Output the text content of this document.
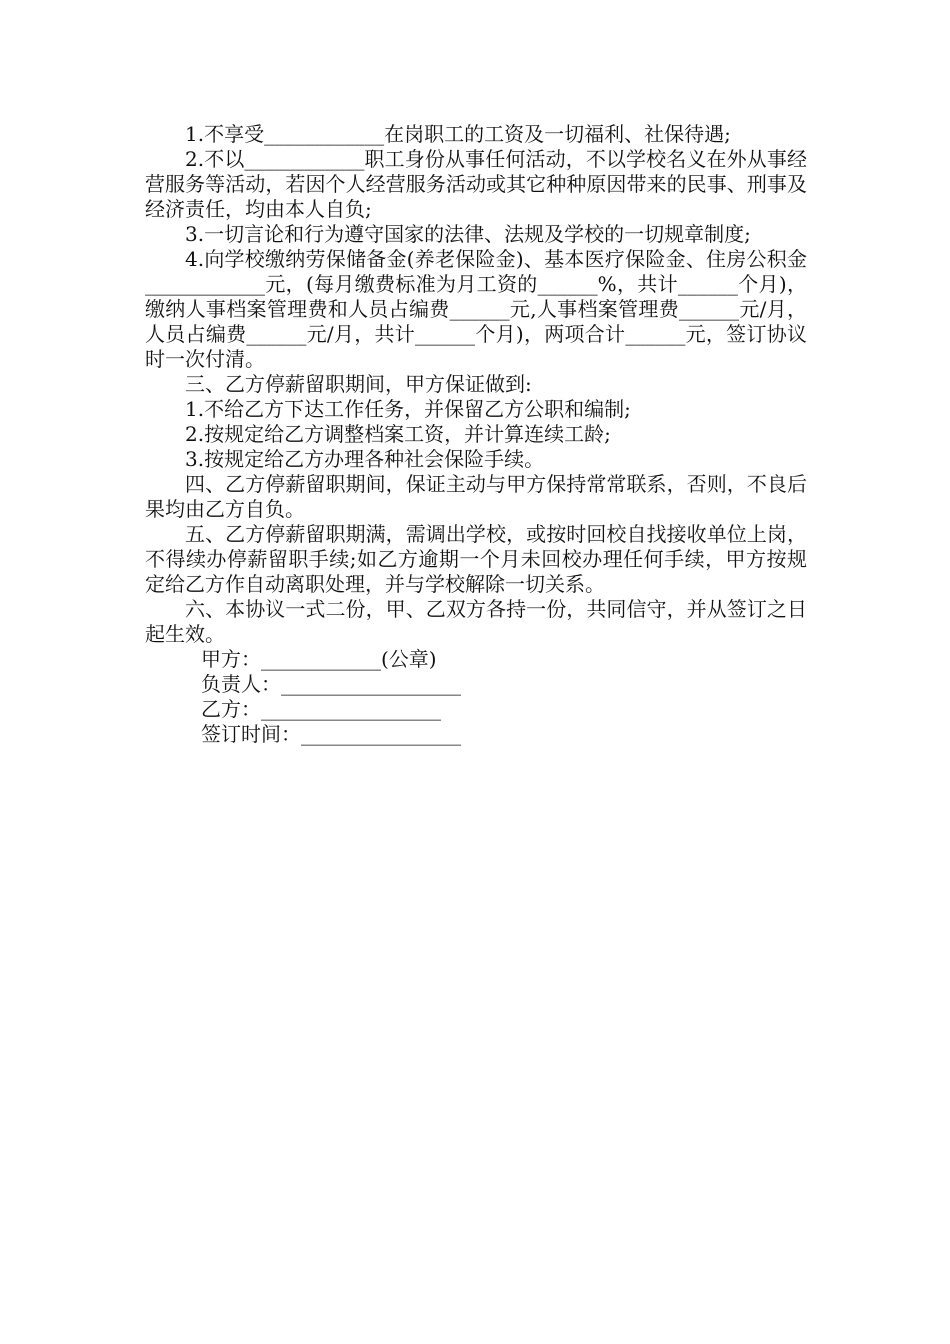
1.不享受____________在岗职工的工资及一切福利、社保待遇;

2.不以____________职工身份从事任何活动，不以学校名义在外从事经营服务等活动，若因个人经营服务活动或其它种种原因带来的民事、刑事及经济责任，均由本人自负;

3.一切言论和行为遵守国家的法律、法规及学校的一切规章制度;

4.向学校缴纳劳保储备金(养老保险金)、基本医疗保险金、住房公积金____________元，(每月缴费标准为月工资的______%，共计______个月)，缴纳人事档案管理费和人员占编费______元,人事档案管理费______元/月，人员占编费______元/月，共计______个月)，两项合计______元，签订协议时一次付清。

三、乙方停薪留职期间，甲方保证做到:

1.不给乙方下达工作任务，并保留乙方公职和编制;

2.按规定给乙方调整档案工资，并计算连续工龄;

3.按规定给乙方办理各种社会保险手续。

四、乙方停薪留职期间，保证主动与甲方保持常常联系，否则，不良后果均由乙方自负。

五、乙方停薪留职期满，需调出学校，或按时回校自找接收单位上岗，不得续办停薪留职手续;如乙方逾期一个月未回校办理任何手续，甲方按规定给乙方作自动离职处理，并与学校解除一切关系。

六、本协议一式二份，甲、乙双方各持一份，共同信守，并从签订之日起生效。

甲方：____________(公章)

负责人：__________________

乙方：__________________

签订时间：________________
